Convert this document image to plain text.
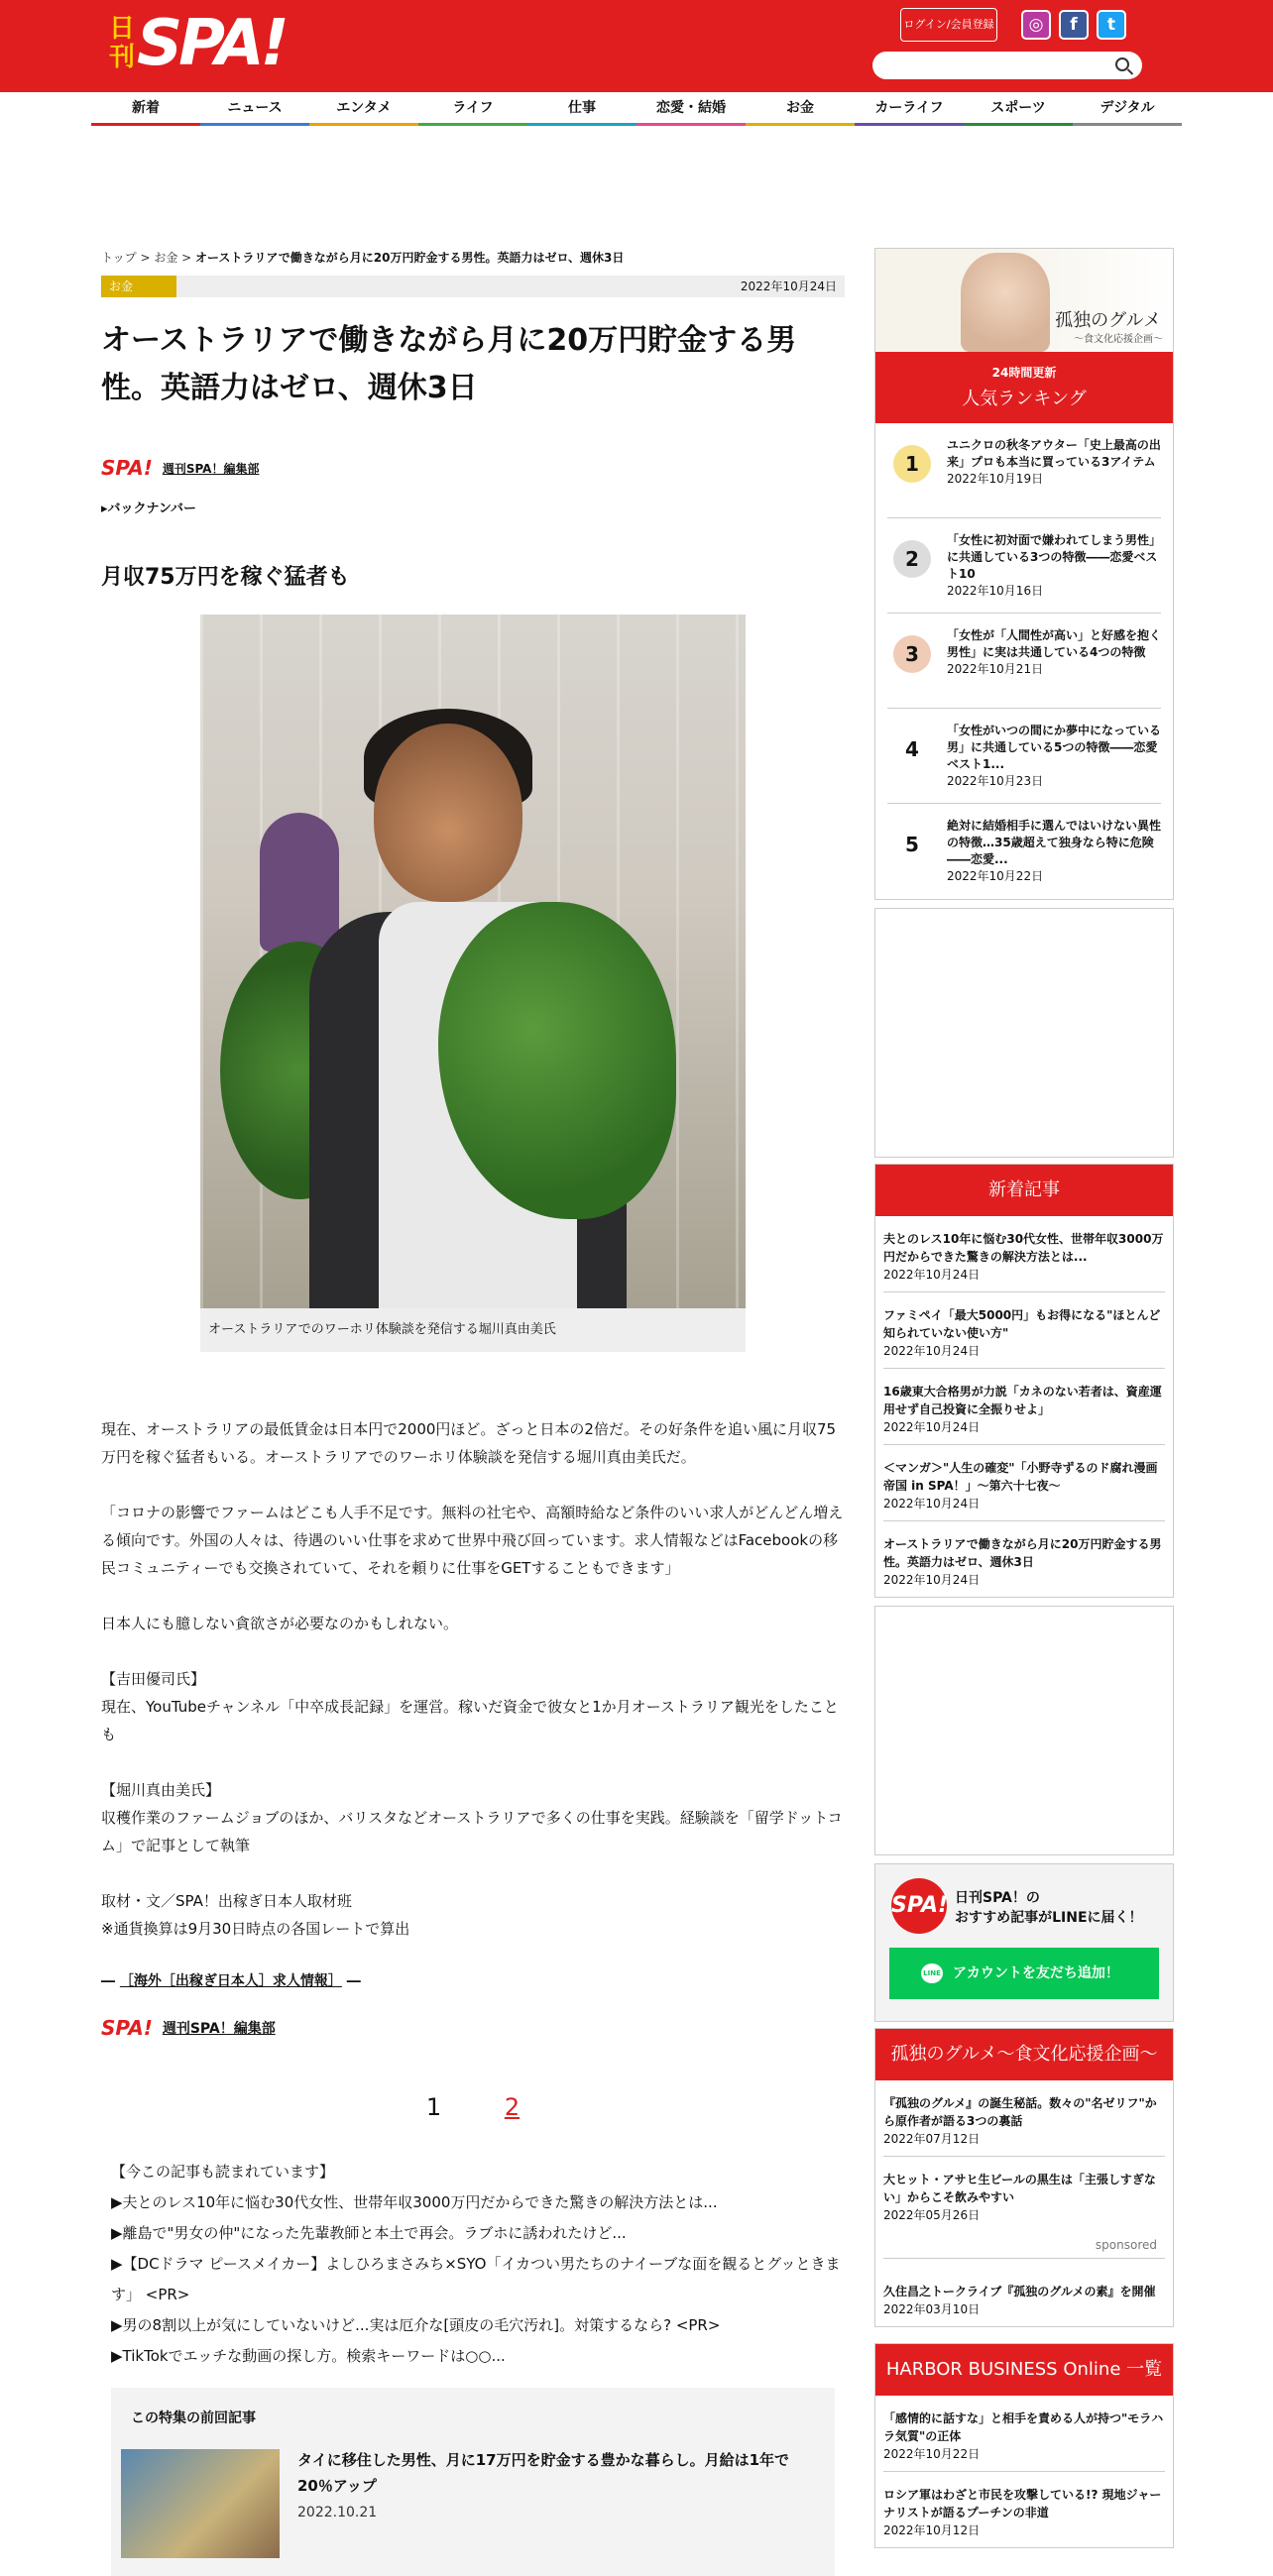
日刊 SPA!	ログイン/会員登録	◎	f	t
新着	ニュース	エンタメ	ライフ	仕事	恋愛・結婚	お金	カーライフ	スポーツ	デジタル
トップ > お金 > オーストラリアで働きながら月に20万円貯金する男性。英語力はゼロ、週休3日
お金	2022年10月24日
オーストラリアで働きながら月に20万円貯金する男性。英語力はゼロ、週休3日
SPA! 週刊SPA！編集部
▸バックナンバー
月収75万円を稼ぐ猛者も
オーストラリアでのワーホリ体験談を発信する堀川真由美氏

現在、オーストラリアの最低賃金は日本円で2000円ほど。ざっと日本の2倍だ。その好条件を追い風に月収75万円を稼ぐ猛者もいる。オーストラリアでのワーホリ体験談を発信する堀川真由美氏だ。

「コロナの影響でファームはどこも人手不足です。無料の社宅や、高額時給など条件のいい求人がどんどん増える傾向です。外国の人々は、待遇のいい仕事を求めて世界中飛び回っています。求人情報などはFacebookの移民コミュニティーでも交換されていて、それを頼りに仕事をGETすることもできます」

日本人にも臆しない貪欲さが必要なのかもしれない。

【吉田優司氏】
現在、YouTubeチャンネル「中卒成長記録」を運営。稼いだ資金で彼女と1か月オーストラリア観光をしたことも

【堀川真由美氏】
収穫作業のファームジョブのほか、バリスタなどオーストラリアで多くの仕事を実践。経験談を「留学ドットコム」で記事として執筆

取材・文／SPA！出稼ぎ日本人取材班
※通貨換算は9月30日時点の各国レートで算出

― ［海外［出稼ぎ日本人］求人情報］ ―
SPA! 週刊SPA！編集部
1	2
【今この記事も読まれています】
▶夫とのレス10年に悩む30代女性、世帯年収3000万円だからできた驚きの解決方法とは...
▶離島で"男女の仲"になった先輩教師と本土で再会。ラブホに誘われたけど...
▶【DCドラマ ピースメイカー】よしひろまさみち×SYO「イカつい男たちのナイーブな面を観るとグッときます」 <PR>
▶男の8割以上が気にしていないけど...実は厄介な[頭皮の毛穴汚れ]。対策するなら? <PR>
▶TikTokでエッチな動画の探し方。検索キーワードは○○...
この特集の前回記事
タイに移住した男性、月に17万円を貯金する豊かな暮らし。月給は1年で20％アップ
2022.10.21
孤独のグルメ
～食文化応援企画～
24時間更新
人気ランキング
1
ユニクロの秋冬アウター「史上最高の出来」プロも本当に買っている3アイテム
2022年10月19日
2
「女性に初対面で嫌われてしまう男性」に共通している3つの特徴――恋愛ベスト10
2022年10月16日
3
「女性が「人間性が高い」と好感を抱く男性」に実は共通している4つの特徴
2022年10月21日
4
「女性がいつの間にか夢中になっている男」に共通している5つの特徴――恋愛ベスト1...
2022年10月23日
5
絶対に結婚相手に選んではいけない異性の特徴…35歳超えて独身なら特に危険――恋愛...
2022年10月22日
新着記事
夫とのレス10年に悩む30代女性、世帯年収3000万円だからできた驚きの解決方法とは...
2022年10月24日
ファミペイ「最大5000円」もお得になる"ほとんど知られていない使い方"
2022年10月24日
16歳東大合格男が力説「カネのない若者は、資産運用せず自己投資に全振りせよ」
2022年10月24日
＜マンガ＞"人生の確変"「小野寺ずるのド腐れ漫画帝国 in SPA！」～第六十七夜～
2022年10月24日
オーストラリアで働きながら月に20万円貯金する男性。英語力はゼロ、週休3日
2022年10月24日
SPA! 日刊SPA！の
おすすめ記事がLINEに届く！
LINE アカウントを友だち追加！
孤独のグルメ～食文化応援企画～
『孤独のグルメ』の誕生秘話。数々の"名ゼリフ"から原作者が語る3つの裏話
2022年07月12日
大ヒット・アサヒ生ビールの黒生は「主張しすぎない」からこそ飲みやすい
2022年05月26日
sponsored
久住昌之トークライブ『孤独のグルメの素』を開催
2022年03月10日
HARBOR BUSINESS Online 一覧
「感情的に話すな」と相手を責める人が持つ"モラハラ気質"の正体
2022年10月22日
ロシア軍はわざと市民を攻撃している!? 現地ジャーナリストが語るプーチンの非道
2022年10月12日
